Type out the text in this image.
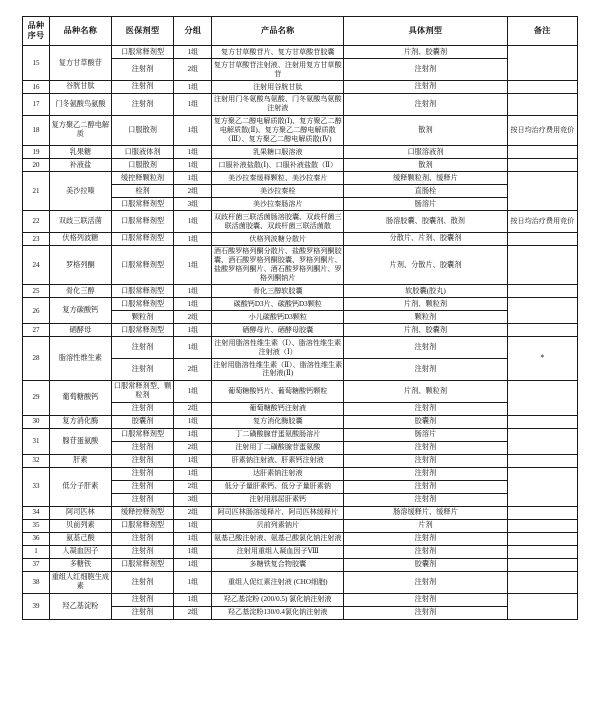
品种
序号	品种名称	医保剂型	分组	产品名称	具体剂型	备注
15	复方甘草酸苷	口服常释剂型	1组	复方甘草酸苷片、复方甘草酸苷胶囊	片剂、胶囊剂	
		注射剂	2组	复方甘草酸苷注射液、注射用复方甘草酸苷	注射剂	
16	谷胱甘肽	注射剂	1组	注射用谷胱甘肽	注射剂	
17	门冬氨酸鸟氨酸	注射剂	1组	注射用门冬氨酸鸟氨酸、门冬氨酸鸟氨酸注射液	注射剂	
18	复方聚乙二醇电解质	口服散剂	1组	复方聚乙二醇电解质散(Ⅰ)、复方聚乙二醇电解质散(Ⅱ)、复方聚乙二醇电解质散（Ⅲ）、复方聚乙二醇电解质散(Ⅳ)	散剂	按日均治疗费用竞价
19	乳果糖	口服液体剂	1组	乳果糖口服溶液	口服溶液剂	
20	补液盐	口服散剂	1组	口服补液盐散(Ⅰ)、口服补液盐散（Ⅱ）	散剂	
21	美沙拉嗪	缓控释颗粒剂	1组	美沙拉秦缓释颗粒、美沙拉秦片	缓释颗粒剂、缓释片	
		栓剂	2组	美沙拉秦栓	直肠栓	
		口服常释剂型	3组	美沙拉秦肠溶片	肠溶片	
22	双歧三联活菌	口服常释剂型	1组	双歧杆菌三联活菌肠溶胶囊、双歧杆菌三联活菌胶囊、双歧杆菌三联活菌散	肠溶胶囊、胶囊剂、散剂	按日均治疗费用竞价
23	伏格列波糖	口服常释剂型	1组	伏格列波糖分散片	分散片、片剂、胶囊剂	
24	罗格列酮	口服常释剂型	1组	酒石酸罗格列酮分散片、盐酸罗格列酮胶囊、酒石酸罗格列酮胶囊、罗格列酮片、盐酸罗格列酮片、酒石酸罗格列酮片、罗格列酮钠片	片剂、分散片、胶囊剂	
25	骨化三醇	口服常释剂型	1组	骨化三醇软胶囊	软胶囊(胶丸)	
26	复方碳酸钙	口服常释剂型	1组	碳酸钙D3片、碳酸钙D3颗粒	片剂、颗粒剂	
		颗粒剂	2组	小儿碳酸钙D3颗粒	颗粒剂	
27	硒酵母	口服常释剂型	1组	硒酵母片、硒酵母胶囊	片剂、胶囊剂	
28	脂溶性维生素	注射剂	1组	注射用脂溶性维生素（Ⅰ）、脂溶性维生素注射液（Ⅰ）	注射剂	*
		注射剂	2组	注射用脂溶性维生素（Ⅱ）、脂溶性维生素注射液(Ⅱ)	注射剂	
29	葡萄糖酸钙	口服常释剂型、颗粒剂	1组	葡萄糖酸钙片、葡萄糖酸钙颗粒	片剂、颗粒剂	
		注射剂	2组	葡萄糖酸钙注射液	注射剂	
30	复方消化酶	胶囊剂	1组	复方消化酶胶囊	胶囊剂	
31	腺苷蛋氨酸	口服常释剂型	1组	丁二磺酸腺苷蛋氨酸肠溶片	肠溶片	
		注射剂	2组	注射用丁二磺酸腺苷蛋氨酸	注射剂	
32	肝素	注射剂	1组	肝素钠注射液、肝素钙注射液	注射剂	
33	低分子肝素	注射剂	1组	达肝素钠注射液	注射剂	
		注射剂	2组	低分子量肝素钙、低分子量肝素钠	注射剂	
		注射剂	3组	注射用那屈肝素钙	注射剂	
34	阿司匹林	缓释控释剂型	2组	阿司匹林肠溶缓释片、阿司匹林缓释片	肠溶缓释片、缓释片	
35	贝前列素	口服常释剂型	1组	贝前列素钠片	片剂	
36	氨基己酸	注射剂	1组	氨基己酸注射液、氨基己酸氯化钠注射液	注射剂	
1	人凝血因子	注射剂	1组	注射用重组人凝血因子Ⅷ	注射剂	
37	多糖铁	口服常释剂型	1组	多糖铁复合物胶囊	胶囊剂	
38	重组人红细胞生成素	注射剂	1组	重组人促红素注射液 (CHO细胞)	注射剂	
39	羟乙基淀粉	注射剂	1组	羟乙基淀粉 (200/0.5) 氯化钠注射液	注射剂	
		注射剂	2组	羟乙基淀粉130/0.4氯化钠注射液	注射剂	
